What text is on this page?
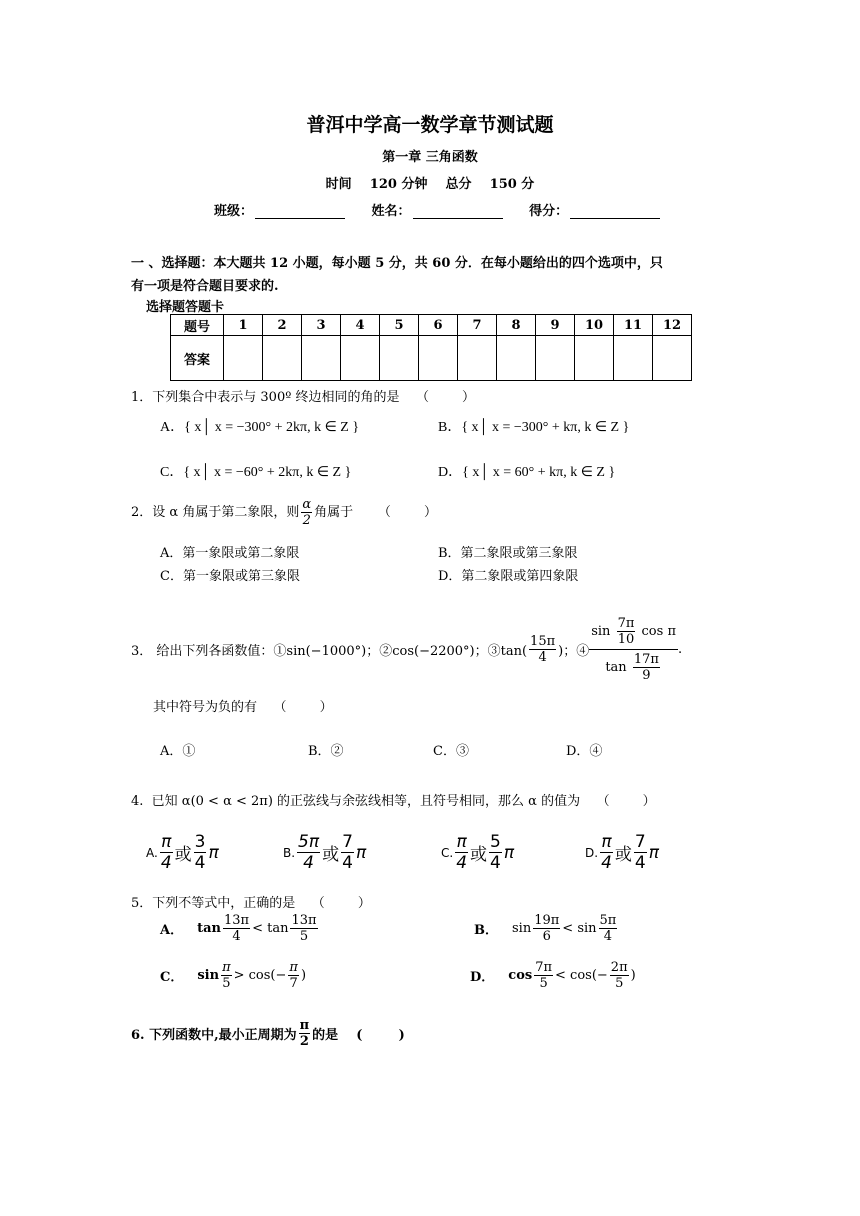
普洱中学高一数学章节测试题
第一章 三角函数
时间    120 分钟    总分    150 分
班级：	姓名：	得分：
一 、选择题：本大题共 12 小题，每小题 5 分，共 60 分．在每小题给出的四个选项中，只
有一项是符合题目要求的.
选择题答题卡
题号	1	2	3	4	5	6	7	8	9	10	11	12
答案												
1．下列集合中表示与 300º 终边相同的角的是    （        ）
A．{ x│ x = −300° + 2kπ, k ∈ Z }	B．{ x│ x = −300° + kπ, k ∈ Z }
C．{ x│ x = −60° + 2kπ, k ∈ Z }	D．{ x│ x = 60° + kπ, k ∈ Z }
2．设 α 角属于第二象限，则 $\frac{\alpha}{2}$ 角属于      （        ）
A．第一象限或第二象限	B．第二象限或第三象限
C．第一象限或第三象限	D．第二象限或第四象限
3． 给出下列各函数值：①sin(−1000°)；②cos(−2200°)；③tan( $\frac{15\pi}{4}$ )；④ $\frac{\sin \frac{7\pi}{10} \cos \pi}{\tan \frac{17\pi}{9}}$ .
其中符号为负的有    （        ）
A．①	B．②	C．③	D．④
4.  已知 α(0 < α < 2π) 的正弦线与余弦线相等，且符号相同，那么 α 的值为    （        ）
A. $\frac{\pi}{4}$ 或 $\frac{3}{4}$ π	B. $\frac{5\pi}{4}$ 或 $\frac{7}{4}$ π	C. $\frac{\pi}{4}$ 或 $\frac{5}{4}$ π	D. $\frac{\pi}{4}$ 或 $\frac{7}{4}$ π
5．下列不等式中，正确的是    （        ）
A． $\tan \frac{13\pi}{4} < \tan \frac{13\pi}{5}$	B． $\sin \frac{19\pi}{6} < \sin \frac{5\pi}{4}$
C． $\sin \frac{\pi}{5} > \cos(- \frac{\pi}{7}$ )	D． $\cos \frac{7\pi}{5} < \cos(- \frac{2\pi}{5}$ )
6. 下列函数中,最小正周期为 $\frac{\pi}{2}$ 的是    (        )
